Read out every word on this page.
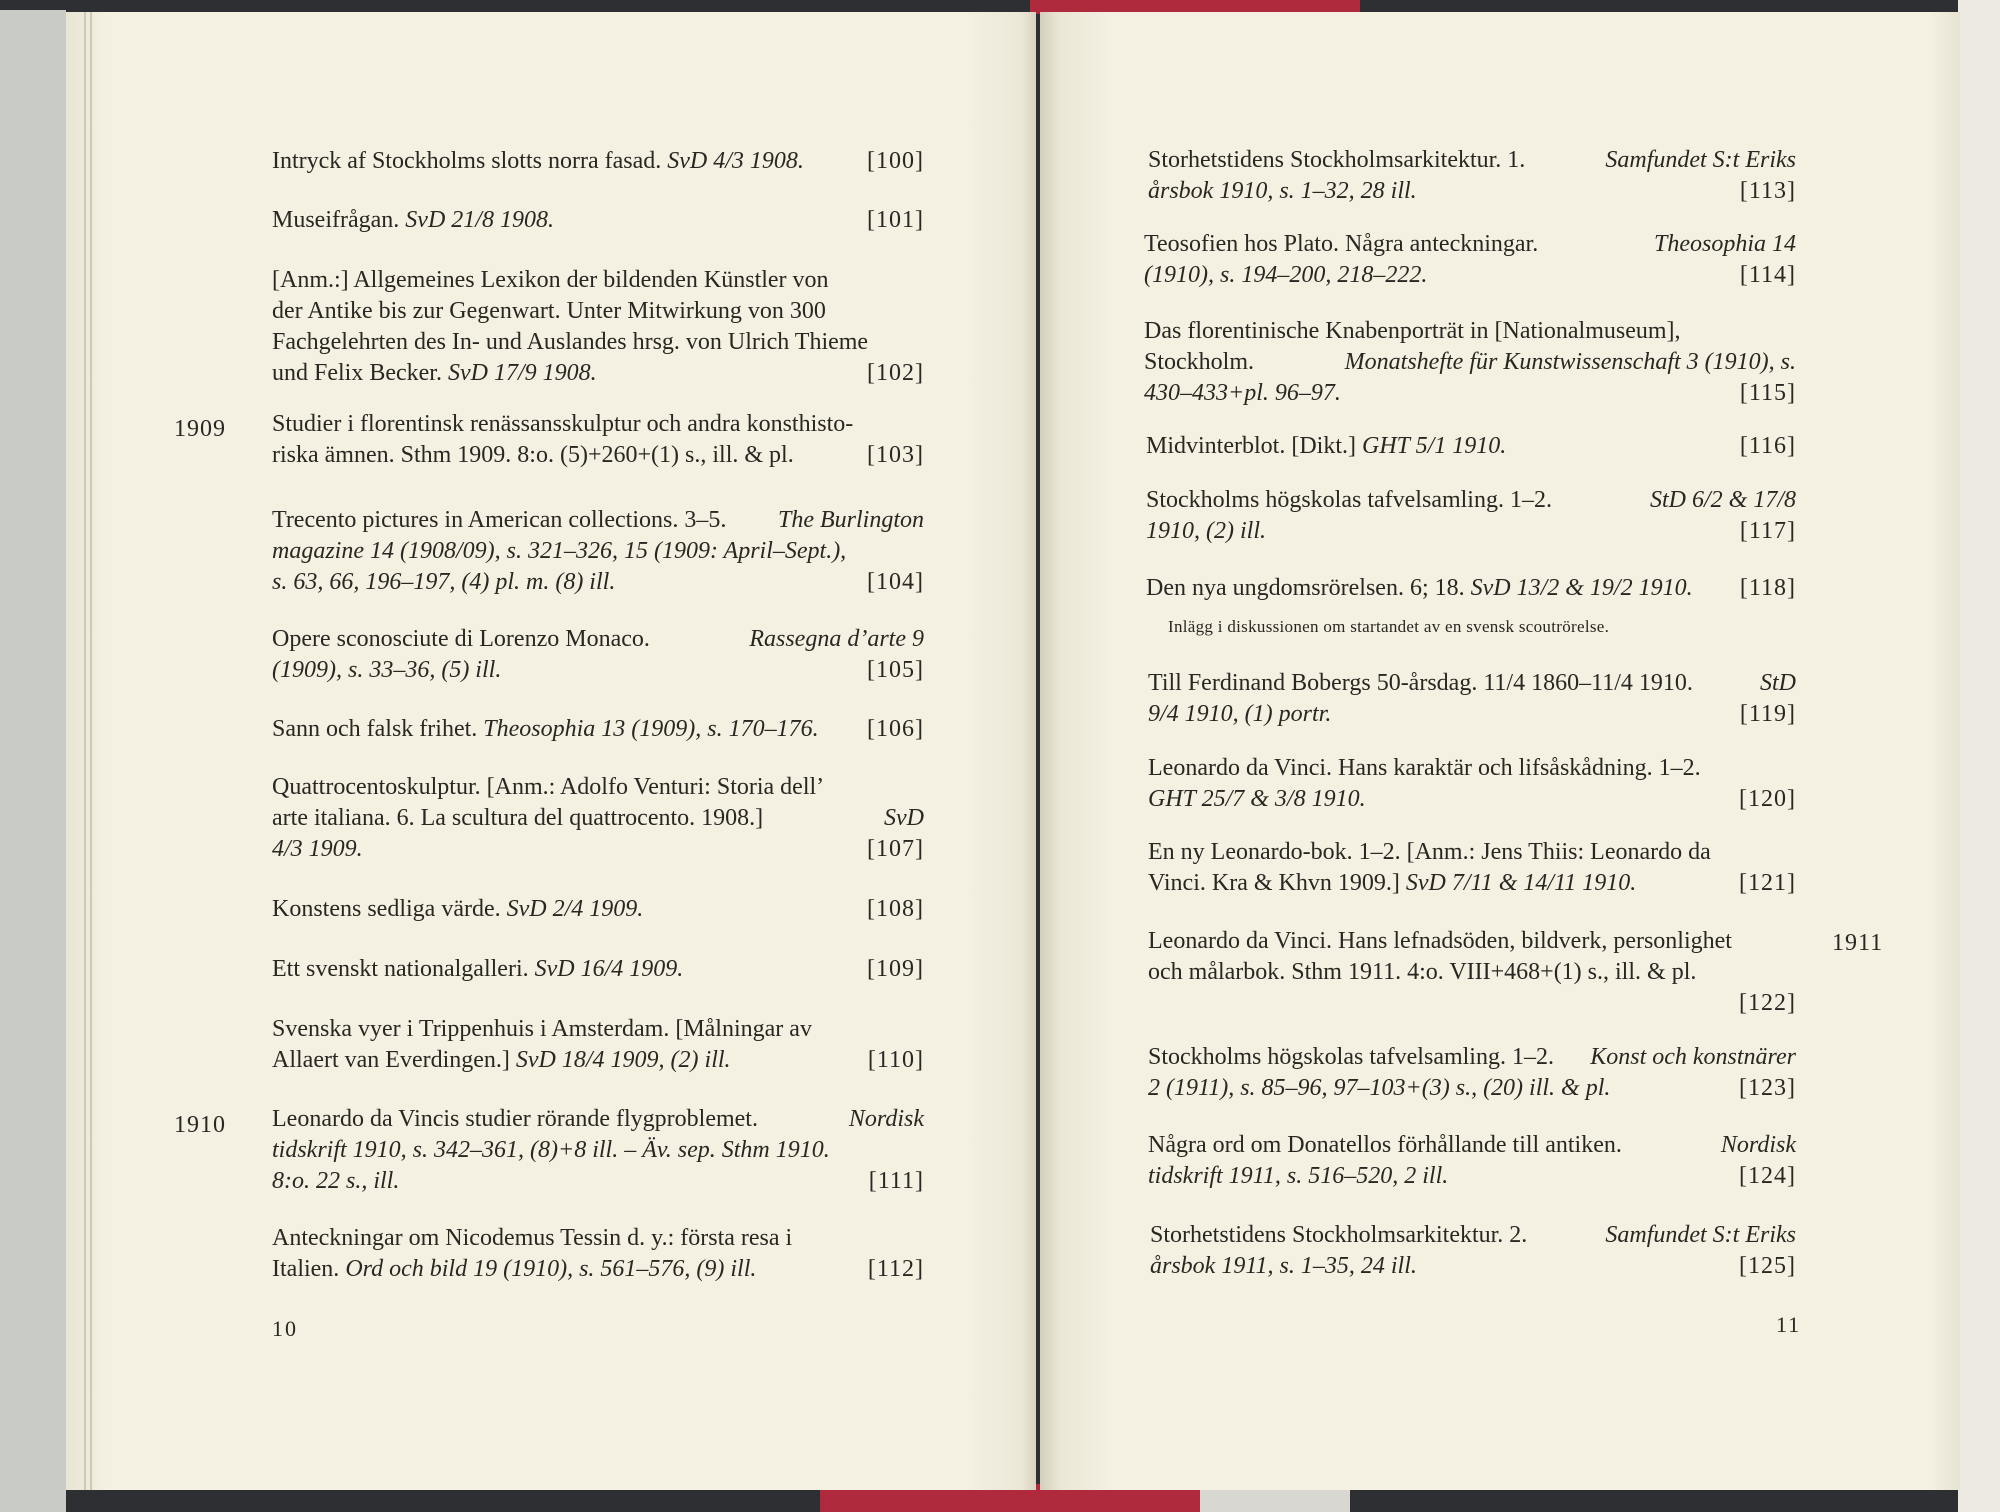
Intryck af Stockholms slotts norra fasad. SvD 4/3 1908.	[100]
Museifrågan. SvD 21/8 1908.	[101]
[Anm.:] Allgemeines Lexikon der bildenden Künstler von
der Antike bis zur Gegenwart. Unter Mitwirkung von 300
Fachgelehrten des In- und Auslandes hrsg. von Ulrich Thieme
und Felix Becker. SvD 17/9 1908.	[102]
1909 Studier i florentinsk renässansskulptur och andra konsthisto-
riska ämnen. Sthm 1909. 8:o. (5)+260+(1) s., ill. & pl.	[103]
Trecento pictures in American collections. 3–5. The Burlington
magazine 14 (1908/09), s. 321–326, 15 (1909: April–Sept.),
s. 63, 66, 196–197, (4) pl. m. (8) ill.	[104]
Opere sconosciute di Lorenzo Monaco.	Rassegna d’arte 9
(1909), s. 33–36, (5) ill.	[105]
Sann och falsk frihet. Theosophia 13 (1909), s. 170–176. [106]
Quattrocentoskulptur. [Anm.: Adolfo Venturi: Storia dell’
arte italiana. 6. La scultura del quattrocento. 1908.]	SvD
4/3 1909.	[107]
Konstens sedliga värde. SvD 2/4 1909.	[108]
Ett svenskt nationalgalleri. SvD 16/4 1909.	[109]
Svenska vyer i Trippenhuis i Amsterdam. [Målningar av
Allaert van Everdingen.] SvD 18/4 1909, (2) ill.	[110]
1910 Leonardo da Vincis studier rörande flygproblemet.	Nordisk
tidskrift 1910, s. 342–361, (8)+8 ill. – Äv. sep. Sthm 1910.
8:o. 22 s., ill.	[111]
Anteckningar om Nicodemus Tessin d. y.: första resa i
Italien. Ord och bild 19 (1910), s. 561–576, (9) ill.	[112]
10
Storhetstidens Stockholmsarkitektur. 1.	Samfundet S:t Eriks
årsbok 1910, s. 1–32, 28 ill.	[113]
Teosofien hos Plato. Några anteckningar.	Theosophia 14
(1910), s. 194–200, 218–222.	[114]
Das florentinische Knabenporträt in [Nationalmuseum],
Stockholm.	Monatshefte für Kunstwissenschaft 3 (1910), s.
430–433+pl. 96–97.	[115]
Midvinterblot. [Dikt.] GHT 5/1 1910.	[116]
Stockholms högskolas tafvelsamling. 1–2.	StD 6/2 & 17/8
1910, (2) ill.	[117]
Den nya ungdomsrörelsen. 6; 18. SvD 13/2 & 19/2 1910. [118]
Inlägg i diskussionen om startandet av en svensk scoutrörelse.
Till Ferdinand Bobergs 50-årsdag. 11/4 1860–11/4 1910.	StD
9/4 1910, (1) portr.	[119]
Leonardo da Vinci. Hans karaktär och lifsåskådning. 1–2.
GHT 25/7 & 3/8 1910.	[120]
En ny Leonardo-bok. 1–2. [Anm.: Jens Thiis: Leonardo da
Vinci. Kra & Khvn 1909.] SvD 7/11 & 14/11 1910.	[121]
1911
Leonardo da Vinci. Hans lefnadsöden, bildverk, personlighet
och målarbok. Sthm 1911. 4:o. VIII+468+(1) s., ill. & pl.
[122]
Stockholms högskolas tafvelsamling. 1–2. Konst och konstnärer
2 (1911), s. 85–96, 97–103+(3) s., (20) ill. & pl.	[123]
Några ord om Donatellos förhållande till antiken.	Nordisk
tidskrift 1911, s. 516–520, 2 ill.	[124]
Storhetstidens Stockholmsarkitektur. 2.	Samfundet S:t Eriks
årsbok 1911, s. 1–35, 24 ill.	[125]
11
